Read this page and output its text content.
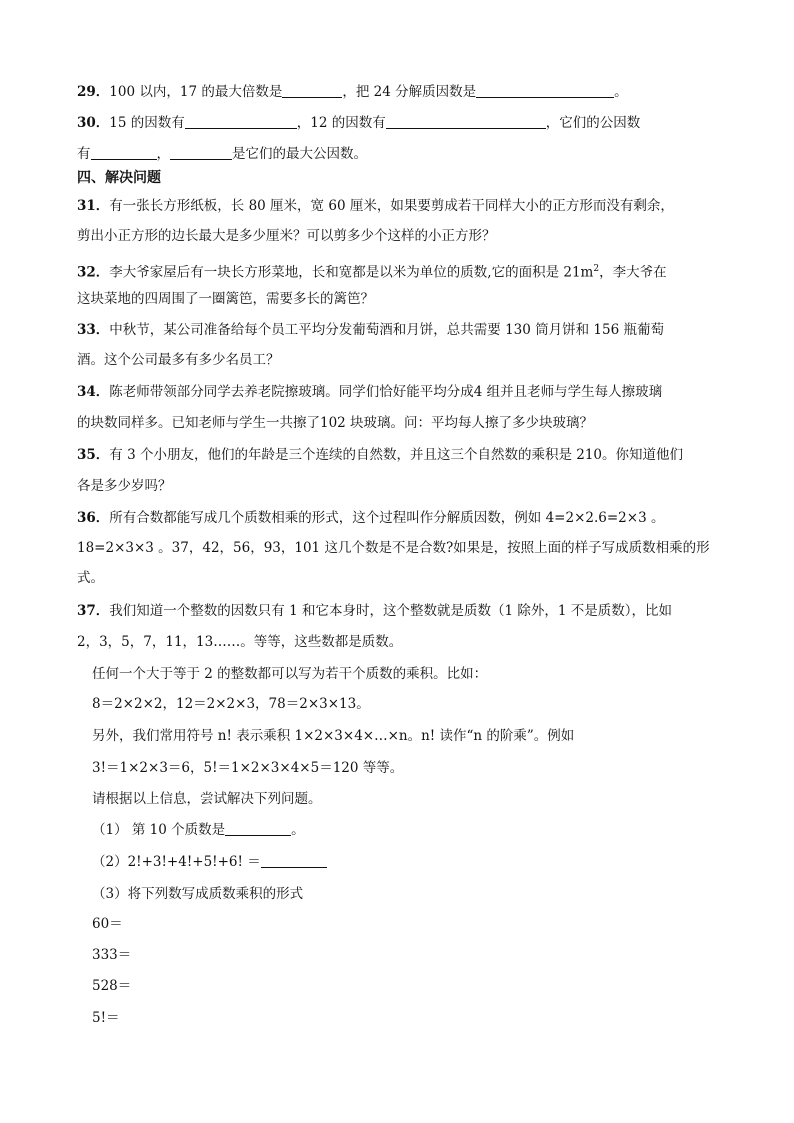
29．100 以内，17 的最大倍数是	，把 24 分解质因数是	。
30．15 的因数有	，12 的因数有	，它们的公因数
有	，	是它们的最大公因数。
四、解决问题
31．有一张长方形纸板，长 80 厘米，宽 60 厘米，如果要剪成若干同样大小的正方形而没有剩余，
剪出小正方形的边长最大是多少厘米？可以剪多少个这样的小正方形？
32．李大爷家屋后有一块长方形菜地，长和宽都是以米为单位的质数,它的面积是 $21m^2$，李大爷在
这块菜地的四周围了一圈篱笆，需要多长的篱笆？
33．中秋节，某公司准备给每个员工平均分发葡萄酒和月饼，总共需要 130 筒月饼和 156 瓶葡萄
酒。这个公司最多有多少名员工？
34．陈老师带领部分同学去养老院擦玻璃。同学们恰好能平均分成4 组并且老师与学生每人擦玻璃
的块数同样多。已知老师与学生一共擦了102 块玻璃。问：平均每人擦了多少块玻璃？
35．有 3 个小朋友，他们的年龄是三个连续的自然数，并且这三个自然数的乘积是 210。你知道他们
各是多少岁吗？
36．所有合数都能写成几个质数相乘的形式，这个过程叫作分解质因数，例如 4=2×2.6=2×3 。
18=2×3×3 。37，42，56，93，101 这几个数是不是合数?如果是，按照上面的样子写成质数相乘的形
式。
37．我们知道一个整数的因数只有 1 和它本身时，这个整数就是质数（1 除外，1 不是质数），比如
2，3，5，7，11，13……。等等，这些数都是质数。
任何一个大于等于 2 的整数都可以写为若干个质数的乘积。比如：
8＝2×2×2，12＝2×2×3，78＝2×3×13。
另外，我们常用符号 n! 表示乘积 1×2×3×4×…×n。n! 读作“n 的阶乘”。例如
3!＝1×2×3＝6，5!＝1×2×3×4×5＝120 等等。
请根据以上信息，尝试解决下列问题。
（1） 第 10 个质数是	。
（2）2!+3!+4!+5!+6! ＝
（3）将下列数写成质数乘积的形式
60＝
333＝
528＝
5!＝
